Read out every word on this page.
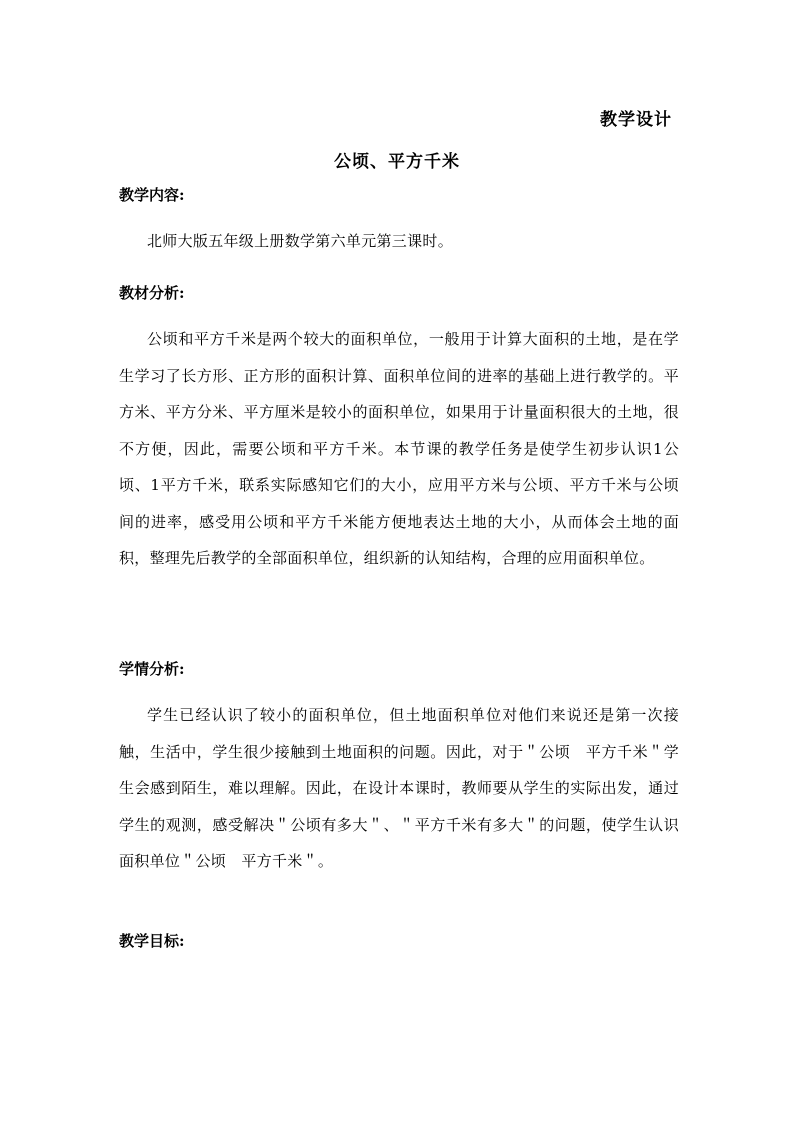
教学设计
公顷、平方千米
教学内容:

北师大版五年级上册数学第六单元第三课时。

教材分析:

公顷和平方千米是两个较大的面积单位，一般用于计算大面积的土地，是在学生学习了长方形、正方形的面积计算、面积单位间的进率的基础上进行教学的。平方米、平方分米、平方厘米是较小的面积单位，如果用于计量面积很大的土地，很不方便，因此，需要公顷和平方千米。本节课的教学任务是使学生初步认识1公顷、1平方千米，联系实际感知它们的大小，应用平方米与公顷、平方千米与公顷间的进率，感受用公顷和平方千米能方便地表达土地的大小，从而体会土地的面积，整理先后教学的全部面积单位，组织新的认知结构，合理的应用面积单位。

学情分析:

学生已经认识了较小的面积单位，但土地面积单位对他们来说还是第一次接触，生活中，学生很少接触到土地面积的问题。因此，对于＂公顷　平方千米＂学生会感到陌生，难以理解。因此，在设计本课时，教师要从学生的实际出发，通过学生的观测，感受解决＂公顷有多大＂、＂平方千米有多大＂的问题，使学生认识面积单位＂公顷　平方千米＂。

教学目标:
